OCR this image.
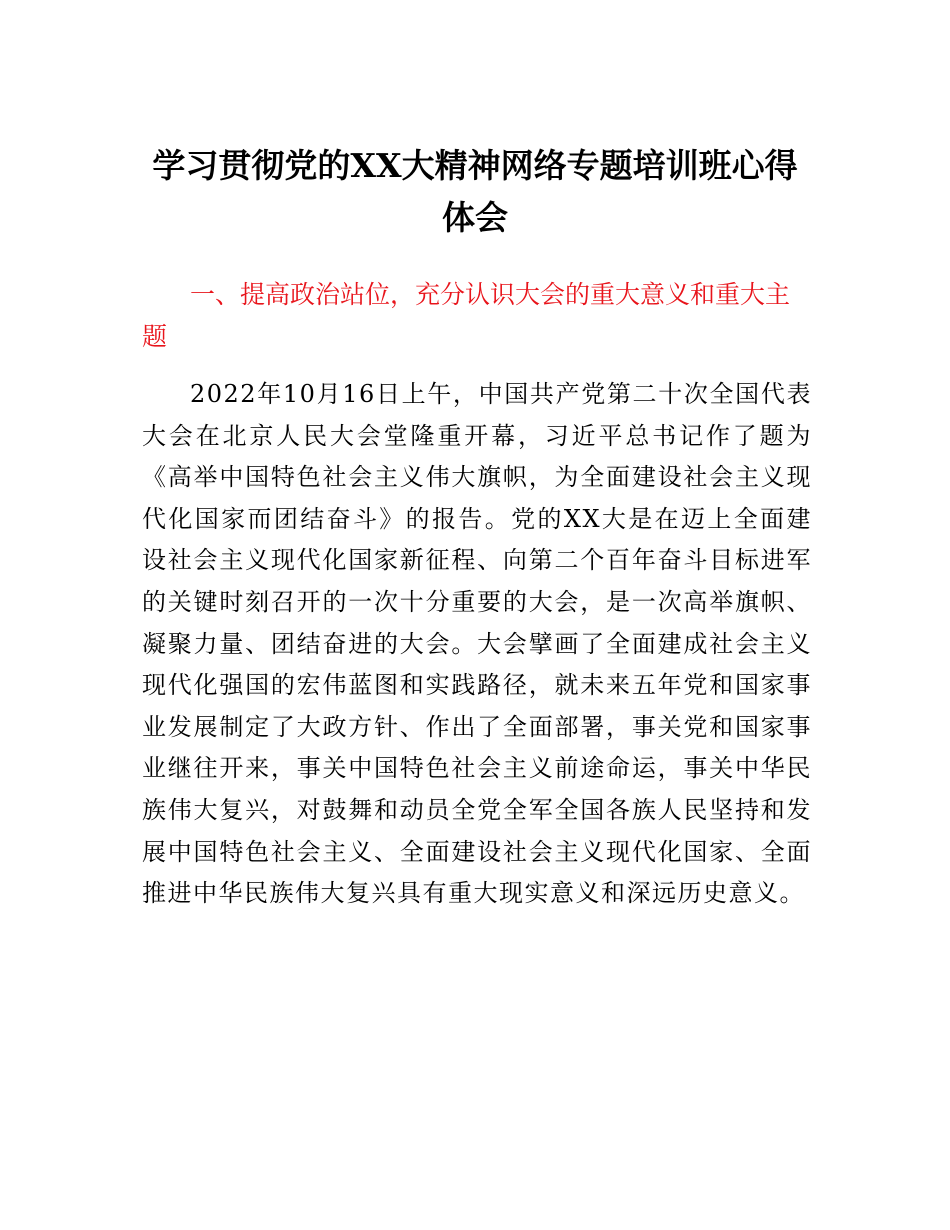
学习贯彻党的XX大精神网络专题培训班心得体会
一、提高政治站位，充分认识大会的重大意义和重大主题

2022年10月16日上午，中国共产党第二十次全国代表大会在北京人民大会堂隆重开幕，习近平总书记作了题为《高举中国特色社会主义伟大旗帜，为全面建设社会主义现代化国家而团结奋斗》的报告。党的XX大是在迈上全面建设社会主义现代化国家新征程、向第二个百年奋斗目标进军的关键时刻召开的一次十分重要的大会，是一次高举旗帜、凝聚力量、团结奋进的大会。大会擘画了全面建成社会主义现代化强国的宏伟蓝图和实践路径，就未来五年党和国家事业发展制定了大政方针、作出了全面部署，事关党和国家事业继往开来，事关中国特色社会主义前途命运，事关中华民族伟大复兴，对鼓舞和动员全党全军全国各族人民坚持和发展中国特色社会主义、全面建设社会主义现代化国家、全面推进中华民族伟大复兴具有重大现实意义和深远历史意义。
